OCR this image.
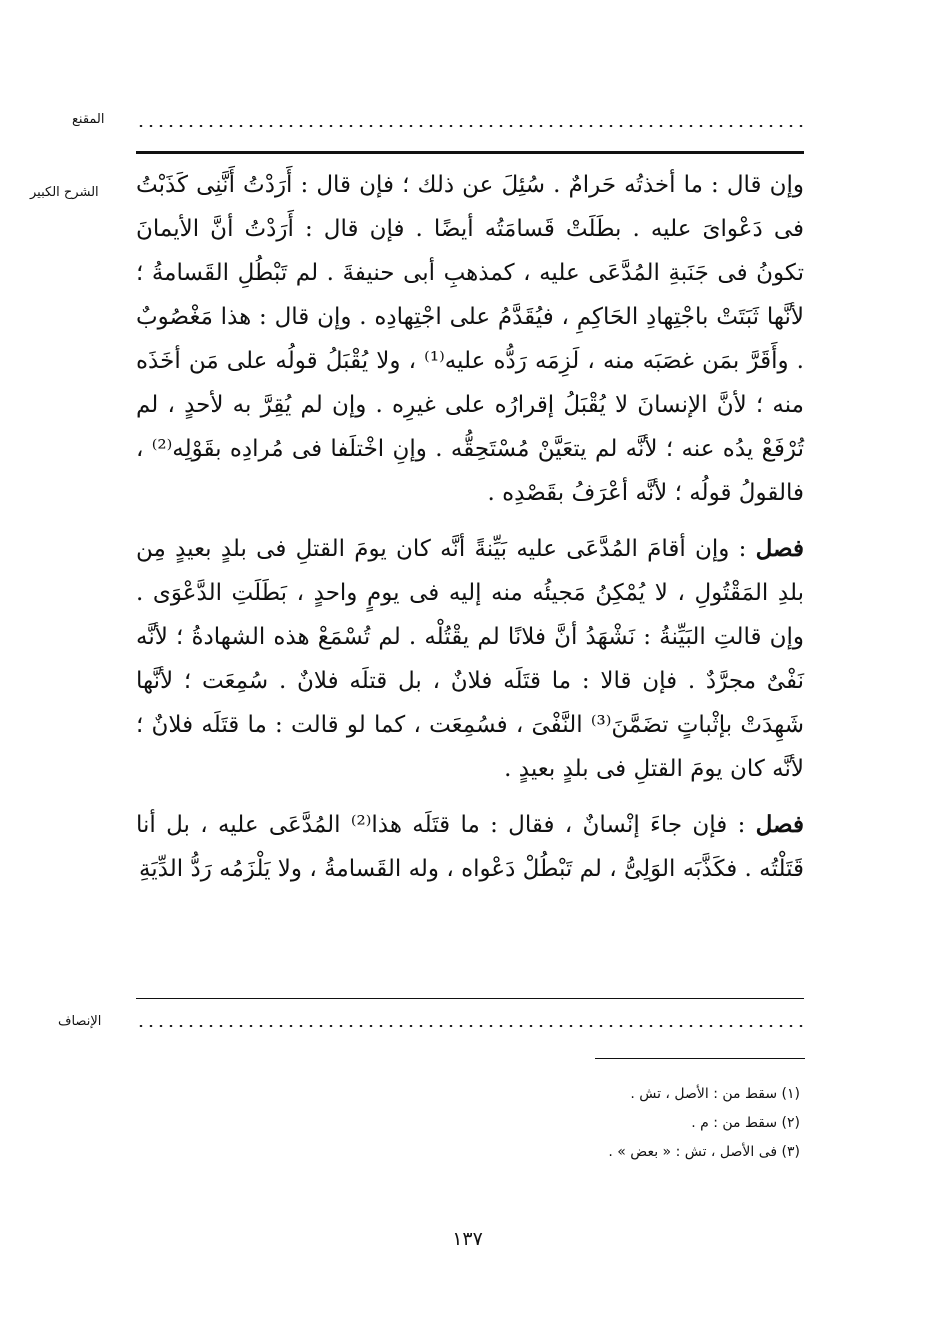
المقنع
الشرح الكبير وإن قال : ما أخذتُه حَرامٌ . سُئِلَ عن ذلك ؛ فإن قال : أَرَدْتُ أَنَّنِى كَذَبْتُ فى دَعْواىَ عليه . بطَلَتْ قَسامَتُه أيضًا . فإن قال : أَرَدْتُ أنَّ الأيمانَ تكونُ فى جَنَبةِ المُدَّعَى عليه ، كمذهبِ أبى حنيفةَ . لم تَبْطُلِ القَسامةُ ؛ لأنَّها ثَبَتَتْ باجْتِهادِ الحَاكِمِ ، فيُقَدَّمُ على اجْتِهادِه . وإن قال : هذا مَغْصُوبٌ . وأَقَرَّ بمَن غصَبَه منه ، لَزِمَه رَدُّه عليه⁽¹⁾ ، ولا يُقْبَلُ قولُه على مَن أخَذَه منه ؛ لأنَّ الإنسانَ لا يُقْبَلُ إقرارُه على غيرِه . وإن لم يُقِرَّ به لأحدٍ ، لم تُرْفَعْ يدُه عنه ؛ لأنَّه لم يتعَيَّنْ مُسْتَحِقُّه . وإنِ اخْتلَفا فى مُرادِه بقَوْلِه⁽²⁾ ، فالقولُ قولُه ؛ لأنَّه أعْرَفُ بقَصْدِه .

فصل : وإن أقامَ المُدَّعَى عليه بَيِّنةً أنَّه كان يومَ القتلِ فى بلدٍ بعيدٍ مِن بلدِ المَقْتُولِ ، لا يُمْكِنُ مَجيئُه منه إليه فى يومٍ واحدٍ ، بَطَلَتِ الدَّعْوَى . وإن قالتِ البَيِّنةُ : نَشْهَدُ أنَّ فلانًا لم يقْتُلْه . لم تُسْمَعْ هذه الشهادةُ ؛ لأنَّه نَفْىٌ مجرَّدٌ . فإن قالا : ما قتَلَه فلانٌ ، بل قتلَه فلانٌ . سُمِعَت ؛ لأنَّها شَهِدَتْ بإثْباتٍ تضَمَّنَ⁽³⁾ النَّفْىَ ، فسُمِعَت ، كما لو قالت : ما قتَلَه فلانٌ ؛ لأنَّه كان يومَ القتلِ فى بلدٍ بعيدٍ .

فصل : فإن جاءَ إنْسانٌ ، فقال : ما قتَلَه هذا⁽²⁾ المُدَّعَى عليه ، بل أنا قَتَلْتُه . فكَذَّبَه الوَلِىُّ ، لم تَبْطُلْ دَعْواه ، وله القَسامةُ ، ولا يَلْزَمُه رَدُّ الدِّيَةِ

الإنصاف
(١) سقط من : الأصل ، تش .
(٢) سقط من : م .
(٣) فى الأصل ، تش : « بعض » .
١٣٧
